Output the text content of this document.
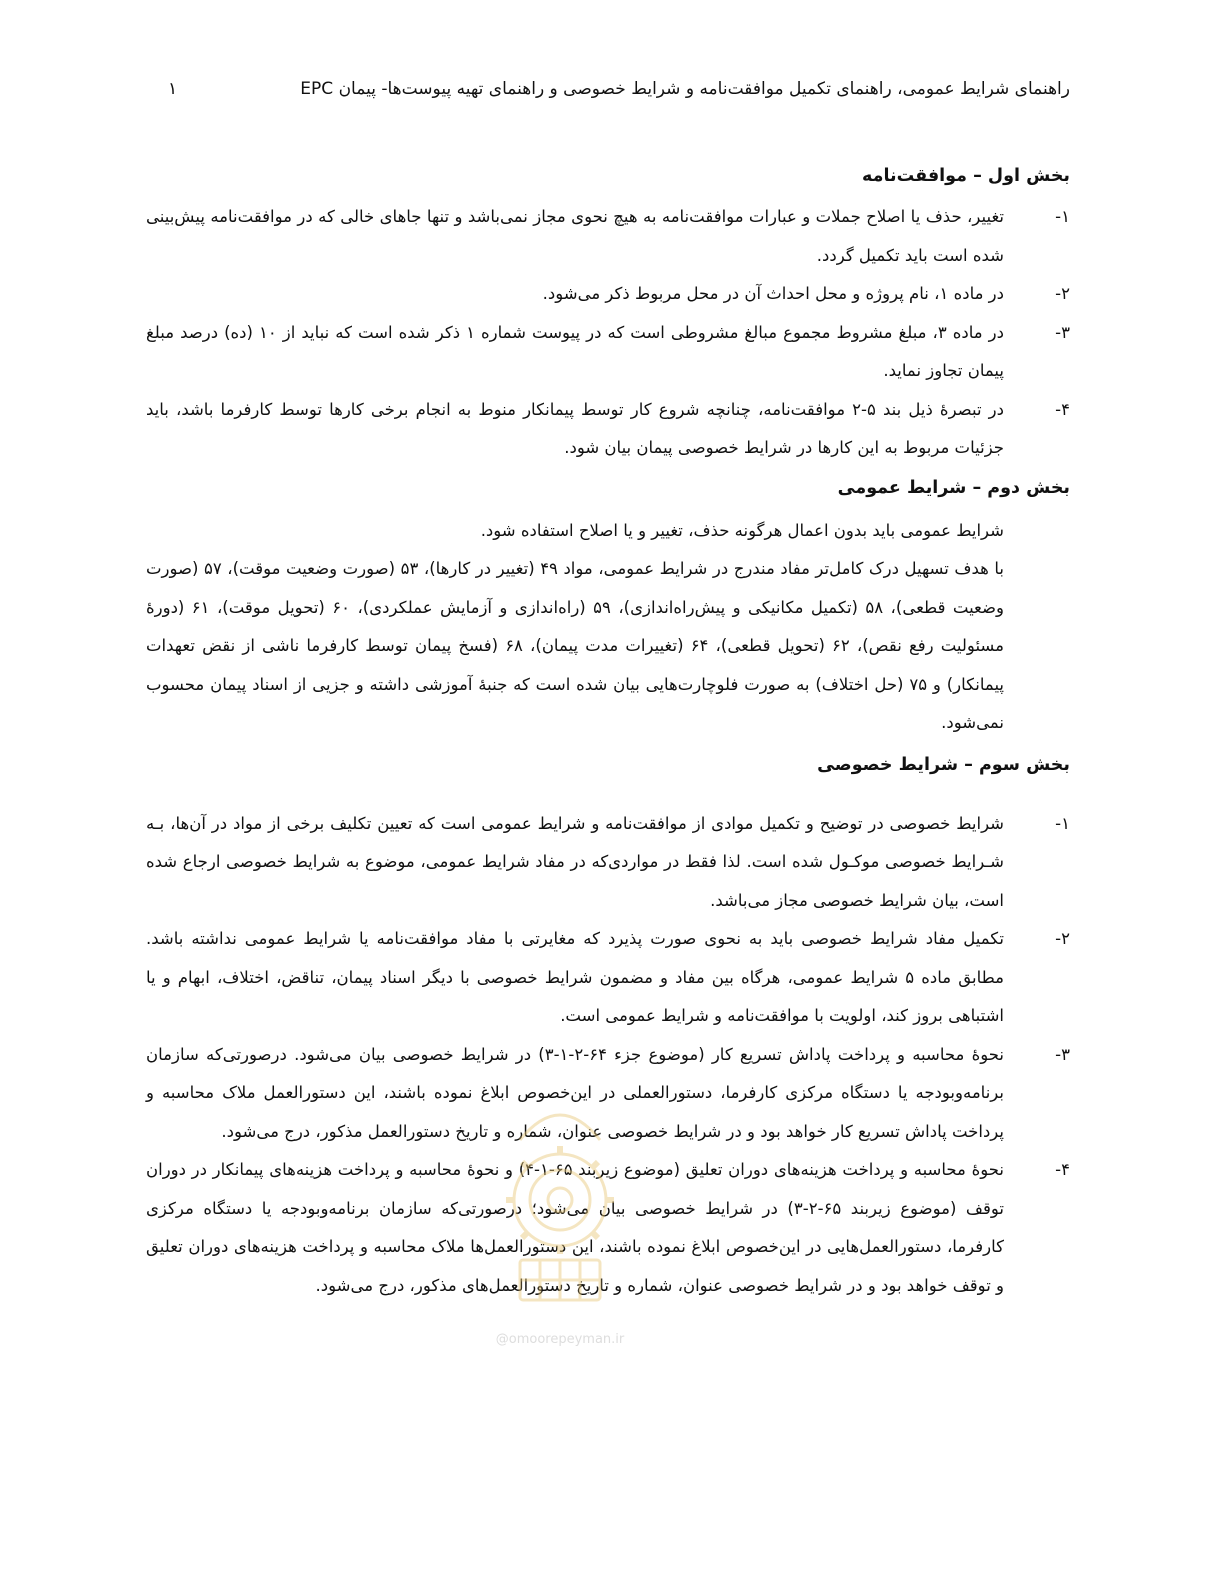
راهنمای شرایط عمومی، راهنمای تکمیل موافقت‌نامه و شرایط خصوصی و راهنمای تهیه پیوست‌ها- پیمان EPC
۱
بخش اول – موافقت‌نامه
۱-
تغییر، حذف یا اصلاح جملات و عبارات موافقت‌نامه به هیچ نحوی مجاز نمی‌باشد و تنها جاهای خالی که در موافقت‌نامه پیش‌بینی شده است باید تکمیل گردد.
۲-
در ماده ۱، نام پروژه و محل احداث آن در محل مربوط ذکر می‌شود.
۳-
در ماده ۳، مبلغ مشروط مجموع مبالغ مشروطی است که در پیوست شماره ۱ ذکر شده است که نباید از ۱۰ (ده) درصد مبلغ پیمان تجاوز نماید.
۴-
در تبصرهٔ ذیل بند ۵-۲ موافقت‌نامه، چنانچه شروع کار توسط پیمانکار منوط به انجام برخی کارها توسط کارفرما باشد، باید جزئیات مربوط به این کارها در شرایط خصوصی پیمان بیان شود.
بخش دوم – شرایط عمومی

شرایط عمومی باید بدون اعمال هرگونه حذف، تغییر و یا اصلاح استفاده شود.

با هدف تسهیل درک کامل‌تر مفاد مندرج در شرایط عمومی، مواد ۴۹ (تغییر در کارها)، ۵۳ (صورت وضعیت موقت)، ۵۷ (صورت وضعیت قطعی)، ۵۸ (تکمیل مکانیکی و پیش‌راه‌اندازی)، ۵۹ (راه‌اندازی و آزمایش عملکردی)، ۶۰ (تحویل موقت)، ۶۱ (دورهٔ مسئولیت رفع نقص)، ۶۲ (تحویل قطعی)، ۶۴ (تغییرات مدت پیمان)، ۶۸ (فسخ پیمان توسط کارفرما ناشی از نقض تعهدات پیمانکار) و ۷۵ (حل اختلاف) به صورت فلوچارت‌هایی بیان شده است که جنبهٔ آموزشی داشته و جزیی از اسناد پیمان محسوب نمی‌شود.

بخش سوم – شرایط خصوصی
۱-
شرایط خصوصی در توضیح و تکمیل موادی از موافقت‌نامه و شرایط عمومی است که تعیین تکلیف برخی از مواد در آن‌ها، بـه شـرایط خصوصی موکـول شده است. لذا فقط در مواردی‌که در مفاد شرایط عمومی، موضوع به شرایط خصوصی ارجاع شده است، بیان شرایط خصوصی مجاز می‌باشد.
۲-
تکمیل مفاد شرایط خصوصی باید به نحوی صورت پذیرد که مغایرتی با مفاد موافقت‌نامه یا شرایط عمومی نداشته باشد. مطابق ماده ۵ شرایط عمومی، هرگاه بین مفاد و مضمون شرایط خصوصی با دیگر اسناد پیمان، تناقض، اختلاف، ابهام و یا اشتباهی بروز کند، اولویت با موافقت‌نامه و شرایط عمومی است.
۳-
نحوهٔ محاسبه و پرداخت پاداش تسریع کار (موضوع جزء ۶۴-۲-۱-۳) در شرایط خصوصی بیان می‌شود. درصورتی‌که سازمان برنامه‌وبودجه یا دستگاه مرکزی کارفرما، دستورالعملی در این‌خصوص ابلاغ نموده باشند، این دستورالعمل ملاک محاسبه و پرداخت پاداش تسریع کار خواهد بود و در شرایط خصوصی عنوان، شماره و تاریخ دستورالعمل مذکور، درج می‌شود.
۴-
نحوهٔ محاسبه و پرداخت هزینه‌های دوران تعلیق (موضوع زیربند ۶۵-۱-۴) و نحوهٔ محاسبه و پرداخت هزینه‌های پیمانکار در دوران توقف (موضوع زیربند ۶۵-۲-۳) در شرایط خصوصی بیان می‌شود؛ درصورتی‌که سازمان برنامه‌وبودجه یا دستگاه مرکزی کارفرما، دستورالعمل‌هایی در این‌خصوص ابلاغ نموده باشند، این دستورالعمل‌ها ملاک محاسبه و پرداخت هزینه‌های دوران تعلیق و توقف خواهد بود و در شرایط خصوصی عنوان، شماره و تاریخ دستورالعمل‌های مذکور، درج می‌شود.
@omoorepeyman.ir
